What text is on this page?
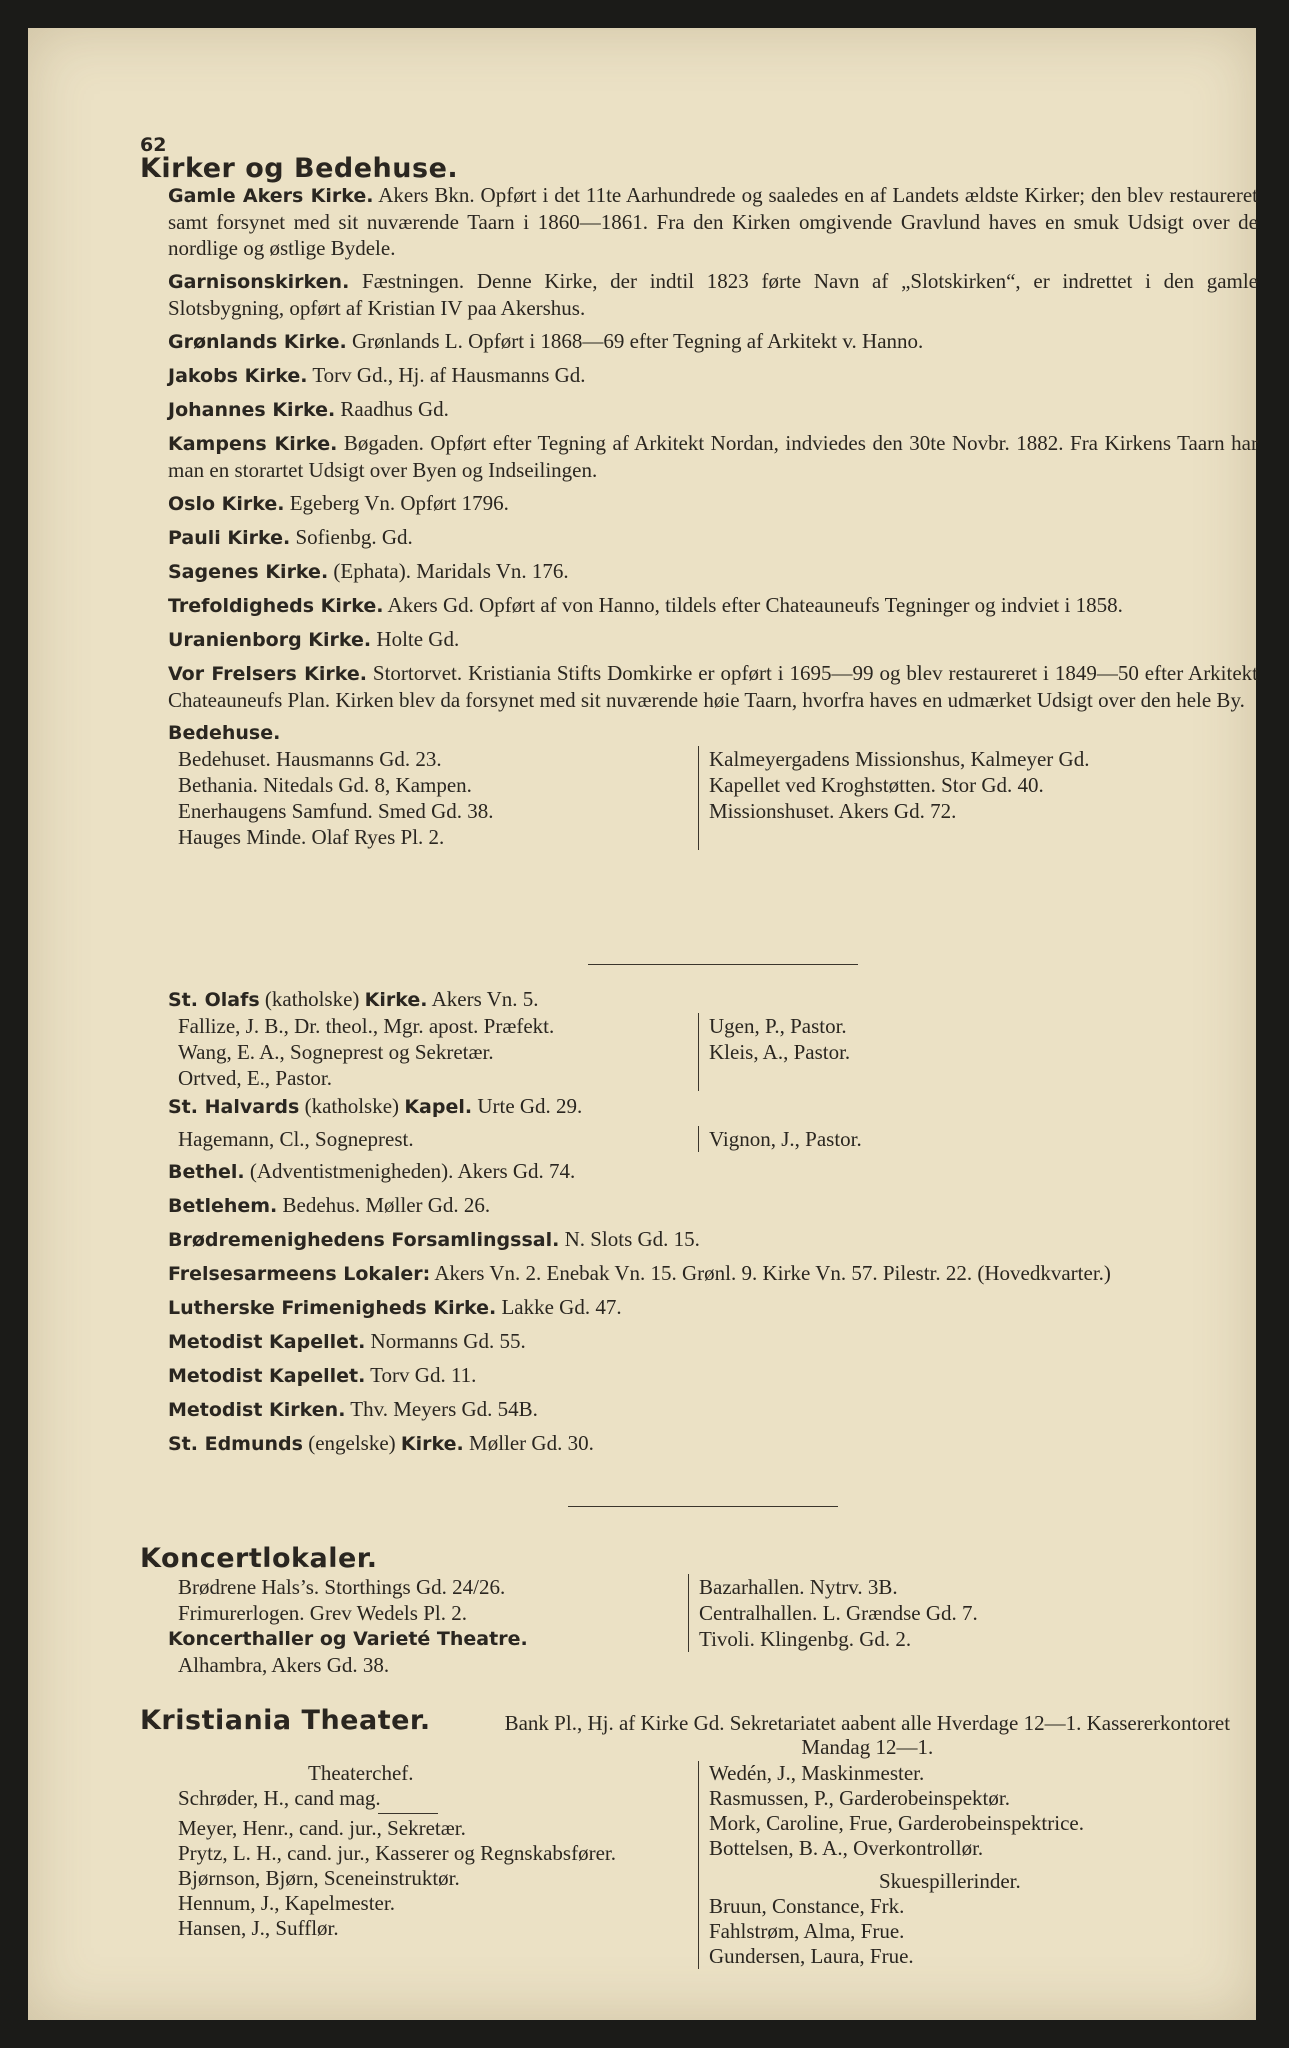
62
Kirker og Bedehuse.
Gamle Akers Kirke. Akers Bkn. Opført i det 11te Aarhundrede og saaledes en af Landets ældste Kirker; den blev restaureret samt forsynet med sit nuværende Taarn i 1860—1861. Fra den Kirken omgivende Gravlund haves en smuk Udsigt over de nordlige og østlige Bydele.
Garnisonskirken. Fæstningen. Denne Kirke, der indtil 1823 førte Navn af „Slotskirken“, er indrettet i den gamle Slotsbygning, opført af Kristian IV paa Akershus.
Grønlands Kirke. Grønlands L. Opført i 1868—69 efter Tegning af Arkitekt v. Hanno.
Jakobs Kirke. Torv Gd., Hj. af Hausmanns Gd.
Johannes Kirke. Raadhus Gd.
Kampens Kirke. Bøgaden. Opført efter Tegning af Arkitekt Nordan, indviedes den 30te Novbr. 1882. Fra Kirkens Taarn har man en storartet Udsigt over Byen og Indseilingen.
Oslo Kirke. Egeberg Vn. Opført 1796.
Pauli Kirke. Sofienbg. Gd.
Sagenes Kirke. (Ephata). Maridals Vn. 176.
Trefoldigheds Kirke. Akers Gd. Opført af von Hanno, tildels efter Chateauneufs Tegninger og indviet i 1858.
Uranienborg Kirke. Holte Gd.
Vor Frelsers Kirke. Stortorvet. Kristiania Stifts Domkirke er opført i 1695—99 og blev restaureret i 1849—50 efter Arkitekt Chateauneufs Plan. Kirken blev da forsynet med sit nuværende høie Taarn, hvorfra haves en udmærket Udsigt over den hele By.
Bedehuse.
Bedehuset. Hausmanns Gd. 23.
Bethania. Nitedals Gd. 8, Kampen.
Enerhaugens Samfund. Smed Gd. 38.
Hauges Minde. Olaf Ryes Pl. 2.
Kalmeyergadens Missionshus, Kalmeyer Gd.
Kapellet ved Kroghstøtten. Stor Gd. 40.
Missionshuset. Akers Gd. 72.
St. Olafs (katholske) Kirke. Akers Vn. 5.
Fallize, J. B., Dr. theol., Mgr. apost. Præfekt.
Wang, E. A., Sogneprest og Sekretær.
Ortved, E., Pastor.
Ugen, P., Pastor.
Kleis, A., Pastor.
St. Halvards (katholske) Kapel. Urte Gd. 29.
Hagemann, Cl., Sogneprest.	Vignon, J., Pastor.
Bethel. (Adventistmenigheden). Akers Gd. 74.
Betlehem. Bedehus. Møller Gd. 26.
Brødremenighedens Forsamlingssal. N. Slots Gd. 15.
Frelsesarmeens Lokaler: Akers Vn. 2. Enebak Vn. 15. Grønl. 9. Kirke Vn. 57. Pilestr. 22. (Hovedkvarter.)
Lutherske Frimenigheds Kirke. Lakke Gd. 47.
Metodist Kapellet. Normanns Gd. 55.
Metodist Kapellet. Torv Gd. 11.
Metodist Kirken. Thv. Meyers Gd. 54B.
St. Edmunds (engelske) Kirke. Møller Gd. 30.
Koncertlokaler.
Brødrene Hals’s. Storthings Gd. 24/26.
Frimurerlogen. Grev Wedels Pl. 2.
Koncerthaller og Varieté Theatre.
Alhambra, Akers Gd. 38.
Bazarhallen. Nytrv. 3B.
Centralhallen. L. Grændse Gd. 7.
Tivoli. Klingenbg. Gd. 2.
Kristiania Theater.	Bank Pl., Hj. af Kirke Gd. Sekretariatet aabent alle Hverdage 12—1. Kassererkontoret Mandag 12—1.
Theaterchef.
Schrøder, H., cand mag.
Meyer, Henr., cand. jur., Sekretær.
Prytz, L. H., cand. jur., Kasserer og Regnskabsfører.
Bjørnson, Bjørn, Sceneinstruktør.
Hennum, J., Kapelmester.
Hansen, J., Sufflør.
Wedén, J., Maskinmester.
Rasmussen, P., Garderobeinspektør.
Mork, Caroline, Frue, Garderobeinspektrice.
Bottelsen, B. A., Overkontrollør.
Skuespillerinder.
Bruun, Constance, Frk.
Fahlstrøm, Alma, Frue.
Gundersen, Laura, Frue.
